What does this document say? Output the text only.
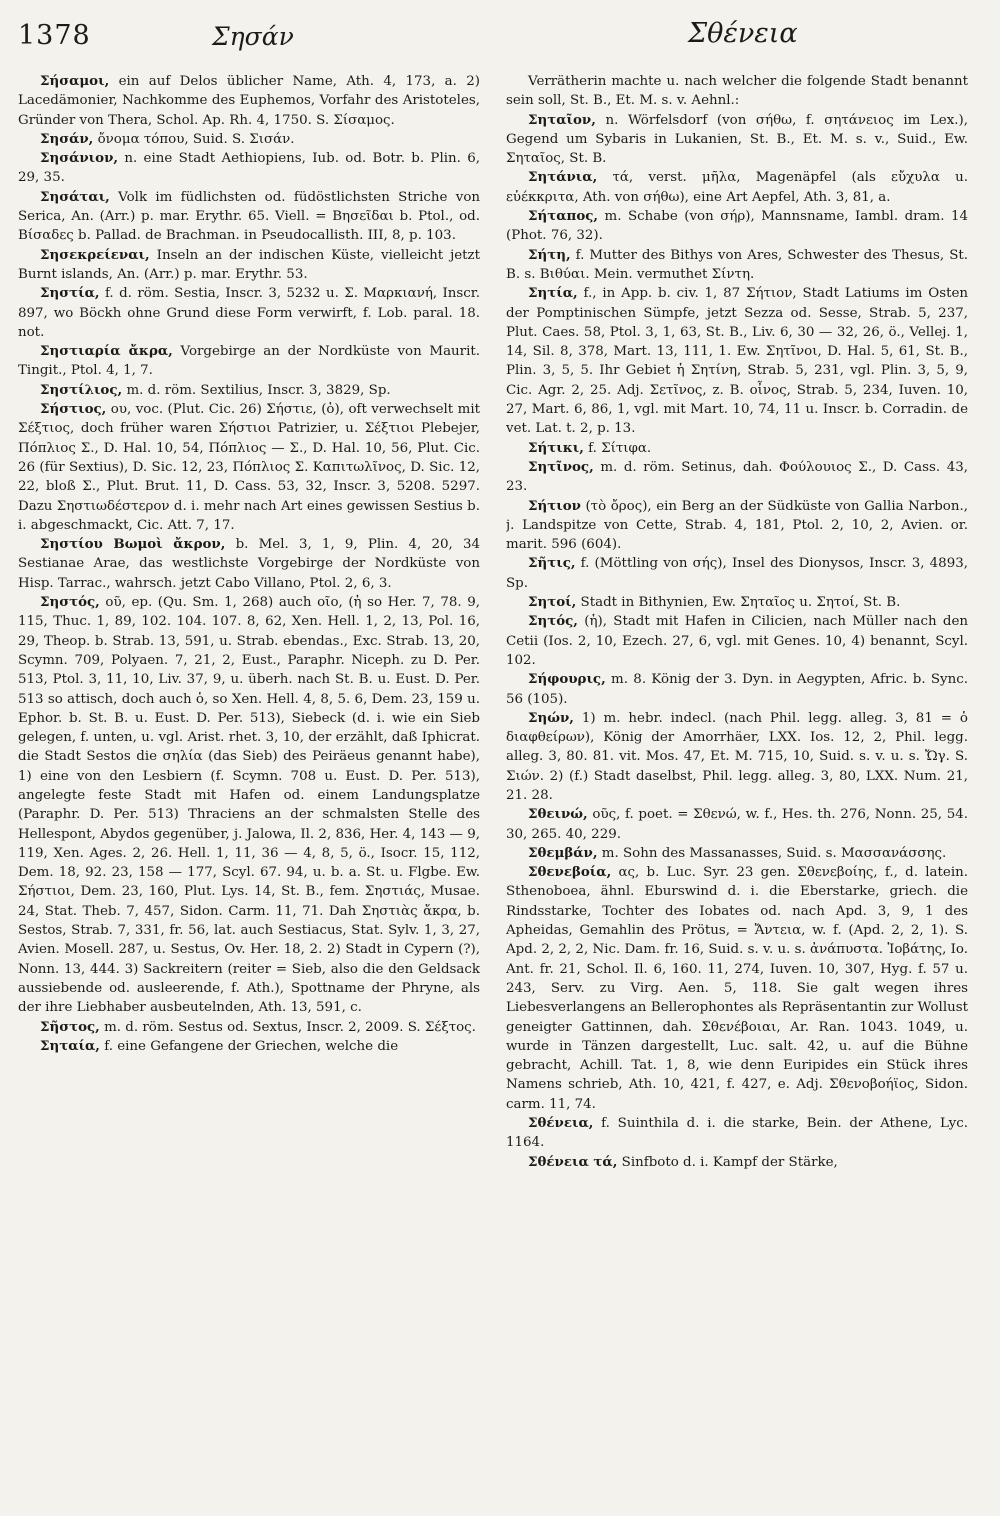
1378	Σησάν	Σθένεια

Σήσαμοι, ein auf Delos üblicher Name, Ath. 4, 173, a. 2) Lacedämonier, Nachkomme des Euphemos, Vorfahr des Aristoteles, Gründer von Thera, Schol. Ap. Rh. 4, 1750. S. Σίσαμος.

Σησάν, ὄνομα τόπου, Suid. S. Σισάν.

Σησάνιον, n. eine Stadt Aethiopiens, Iub. od. Botr. b. Plin. 6, 29, 35.

Σησάται, Volk im füdlichsten od. füdöstlichsten Striche von Serica, An. (Arr.) p. mar. Erythr. 65. Viell. = Βησεῖδαι b. Ptol., od. Βίσαδες b. Pallad. de Brachman. in Pseudocallisth. III, 8, p. 103.

Σησεκρείεναι, Inseln an der indischen Küste, vielleicht jetzt Burnt islands, An. (Arr.) p. mar. Erythr. 53.

Σηστία, f. d. röm. Sestia, Inscr. 3, 5232 u. Σ. Μαρκιανή, Inscr. 897, wo Böckh ohne Grund diese Form verwirft, f. Lob. paral. 18. not.

Σηστιαρία ἄκρα, Vorgebirge an der Nordküste von Maurit. Tingit., Ptol. 4, 1, 7.

Σηστίλιος, m. d. röm. Sextilius, Inscr. 3, 3829, Sp.

Σήστιος, ου, voc. (Plut. Cic. 26) Σήστιε, (ὁ), oft verwechselt mit Σέξτιος, doch früher waren Σήστιοι Patrizier, u. Σέξτιοι Plebejer, Πόπλιος Σ., D. Hal. 10, 54, Πόπλιος — Σ., D. Hal. 10, 56, Plut. Cic. 26 (für Sextius), D. Sic. 12, 23, Πόπλιος Σ. Καπιτωλῖνος, D. Sic. 12, 22, bloß Σ., Plut. Brut. 11, D. Cass. 53, 32, Inscr. 3, 5208. 5297. Dazu Σηστιωδέστερον d. i. mehr nach Art eines gewissen Sestius b. i. abgeschmackt, Cic. Att. 7, 17.

Σηστίου Βωμοὶ ἄκρον, b. Mel. 3, 1, 9, Plin. 4, 20, 34 Sestianae Arae, das westlichste Vorgebirge der Nordküste von Hisp. Tarrac., wahrsch. jetzt Cabo Villano, Ptol. 2, 6, 3.

Σηστός, οῦ, ep. (Qu. Sm. 1, 268) auch οῖο, (ἡ so Her. 7, 78. 9, 115, Thuc. 1, 89, 102. 104. 107. 8, 62, Xen. Hell. 1, 2, 13, Pol. 16, 29, Theop. b. Strab. 13, 591, u. Strab. ebendas., Exc. Strab. 13, 20, Scymn. 709, Polyaen. 7, 21, 2, Eust., Paraphr. Niceph. zu D. Per. 513, Ptol. 3, 11, 10, Liv. 37, 9, u. überh. nach St. B. u. Eust. D. Per. 513 so attisch, doch auch ὁ, so Xen. Hell. 4, 8, 5. 6, Dem. 23, 159 u. Ephor. b. St. B. u. Eust. D. Per. 513), Siebeck (d. i. wie ein Sieb gelegen, f. unten, u. vgl. Arist. rhet. 3, 10, der erzählt, daß Iphicrat. die Stadt Sestos die σηλία (das Sieb) des Peiräeus genannt habe), 1) eine von den Lesbiern (f. Scymn. 708 u. Eust. D. Per. 513), angelegte feste Stadt mit Hafen od. einem Landungsplatze (Paraphr. D. Per. 513) Thraciens an der schmalsten Stelle des Hellespont, Abydos gegenüber, j. Jalowa, Il. 2, 836, Her. 4, 143 — 9, 119, Xen. Ages. 2, 26. Hell. 1, 11, 36 — 4, 8, 5, ö., Isocr. 15, 112, Dem. 18, 92. 23, 158 — 177, Scyl. 67. 94, u. b. a. St. u. Flgbe. Ew. Σήστιοι, Dem. 23, 160, Plut. Lys. 14, St. B., fem. Σηστιάς, Musae. 24, Stat. Theb. 7, 457, Sidon. Carm. 11, 71. Dah Σηστιὰς ἄκρα, b. Sestos, Strab. 7, 331, fr. 56, lat. auch Sestiacus, Stat. Sylv. 1, 3, 27, Avien. Mosell. 287, u. Sestus, Ov. Her. 18, 2. 2) Stadt in Cypern (?), Nonn. 13, 444. 3) Sackreitern (reiter = Sieb, also die den Geldsack aussiebende od. ausleerende, f. Ath.), Spottname der Phryne, als der ihre Liebhaber ausbeutelnden, Ath. 13, 591, c.

Σῆστος, m. d. röm. Sestus od. Sextus, Inscr. 2, 2009. S. Σέξτος.

Σηταία, f. eine Gefangene der Griechen, welche die

Verrätherin machte u. nach welcher die folgende Stadt benannt sein soll, St. B., Et. M. s. v. Aehnl.:

Σηταῖον, n. Wörfelsdorf (von σήθω, f. σητάνειος im Lex.), Gegend um Sybaris in Lukanien, St. B., Et. M. s. v., Suid., Ew. Σηταῖος, St. B.

Σητάνια, τά, verst. μῆλα, Magenäpfel (als εὔχυλα u. εὐέκκριτα, Ath. von σήθω), eine Art Aepfel, Ath. 3, 81, a.

Σήταπος, m. Schabe (von σήρ), Mannsname, Iambl. dram. 14 (Phot. 76, 32).

Σήτη, f. Mutter des Bithys von Ares, Schwester des Thesus, St. B. s. Βιθύαι. Mein. vermuthet Σίντη.

Σητία, f., in App. b. civ. 1, 87 Σήτιον, Stadt Latiums im Osten der Pomptinischen Sümpfe, jetzt Sezza od. Sesse, Strab. 5, 237, Plut. Caes. 58, Ptol. 3, 1, 63, St. B., Liv. 6, 30 — 32, 26, ö., Vellej. 1, 14, Sil. 8, 378, Mart. 13, 111, 1. Ew. Σητῖνοι, D. Hal. 5, 61, St. B., Plin. 3, 5, 5. Ihr Gebiet ἡ Σητίνη, Strab. 5, 231, vgl. Plin. 3, 5, 9, Cic. Agr. 2, 25. Adj. Σετῖνος, z. B. οἶνος, Strab. 5, 234, Iuven. 10, 27, Mart. 6, 86, 1, vgl. mit Mart. 10, 74, 11 u. Inscr. b. Corradin. de vet. Lat. t. 2, p. 13.

Σήτικι, f. Σίτιφα.

Σητῖνος, m. d. röm. Setinus, dah. Φούλουιος Σ., D. Cass. 43, 23.

Σήτιον (τὸ ὄρος), ein Berg an der Südküste von Gallia Narbon., j. Landspitze von Cette, Strab. 4, 181, Ptol. 2, 10, 2, Avien. or. marit. 596 (604).

Σῆτις, f. (Möttling von σής), Insel des Dionysos, Inscr. 3, 4893, Sp.

Σητοί, Stadt in Bithynien, Ew. Σηταῖος u. Σητοί, St. B.

Σητός, (ἡ), Stadt mit Hafen in Cilicien, nach Müller nach den Cetii (Ios. 2, 10, Ezech. 27, 6, vgl. mit Genes. 10, 4) benannt, Scyl. 102.

Σήφουρις, m. 8. König der 3. Dyn. in Aegypten, Afric. b. Sync. 56 (105).

Σηών, 1) m. hebr. indecl. (nach Phil. legg. alleg. 3, 81 = ὁ διαφθείρων), König der Amorrhäer, LXX. Ios. 12, 2, Phil. legg. alleg. 3, 80. 81. vit. Mos. 47, Et. M. 715, 10, Suid. s. v. u. s. Ὤγ. S. Σιών. 2) (f.) Stadt daselbst, Phil. legg. alleg. 3, 80, LXX. Num. 21, 21. 28.

Σθεινώ, οῦς, f. poet. = Σθενώ, w. f., Hes. th. 276, Nonn. 25, 54. 30, 265. 40, 229.

Σθεμβάν, m. Sohn des Massanasses, Suid. s. Μασσανάσσης.

Σθενεβοία, ας, b. Luc. Syr. 23 gen. Σθενεβοίης, f., d. latein. Sthenoboea, ähnl. Eburswind d. i. die Eberstarke, griech. die Rindsstarke, Tochter des Iobates od. nach Apd. 3, 9, 1 des Apheidas, Gemahlin des Prötus, = Ἄντεια, w. f. (Apd. 2, 2, 1). S. Apd. 2, 2, 2, Nic. Dam. fr. 16, Suid. s. v. u. s. ἀνάπυστα. Ἰοβάτης, Io. Ant. fr. 21, Schol. Il. 6, 160. 11, 274, Iuven. 10, 307, Hyg. f. 57 u. 243, Serv. zu Virg. Aen. 5, 118. Sie galt wegen ihres Liebesverlangens an Bellerophontes als Repräsentantin zur Wollust geneigter Gattinnen, dah. Σθενέβοιαι, Ar. Ran. 1043. 1049, u. wurde in Tänzen dargestellt, Luc. salt. 42, u. auf die Bühne gebracht, Achill. Tat. 1, 8, wie denn Euripides ein Stück ihres Namens schrieb, Ath. 10, 421, f. 427, e. Adj. Σθενοβοήϊος, Sidon. carm. 11, 74.

Σθένεια, f. Suinthila d. i. die starke, Bein. der Athene, Lyc. 1164.

Σθένεια τά, Sinfboto d. i. Kampf der Stärke,
